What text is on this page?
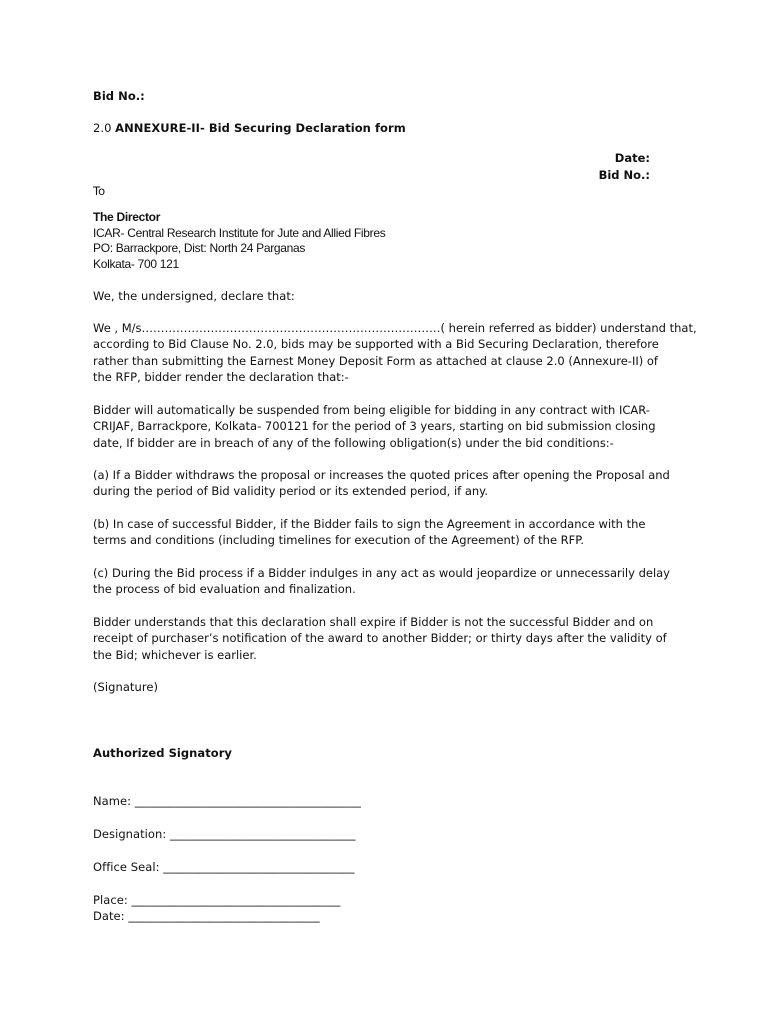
Bid No.:
2.0 ANNEXURE-II- Bid Securing Declaration form
Date:
Bid No.:
To
The Director
ICAR- Central Research Institute for Jute and Allied Fibres
PO: Barrackpore, Dist: North 24 Parganas
Kolkata- 700 121
We, the undersigned, declare that:
We , M/s……………………………………………………………………( herein referred as bidder) understand that,
according to Bid Clause No. 2.0, bids may be supported with a Bid Securing Declaration, therefore
rather than submitting the Earnest Money Deposit Form as attached at clause 2.0 (Annexure-II) of
the RFP, bidder render the declaration that:-
Bidder will automatically be suspended from being eligible for bidding in any contract with ICAR-
CRIJAF, Barrackpore, Kolkata- 700121 for the period of 3 years, starting on bid submission closing
date, If bidder are in breach of any of the following obligation(s) under the bid conditions:-
(a) If a Bidder withdraws the proposal or increases the quoted prices after opening the Proposal and
during the period of Bid validity period or its extended period, if any.
(b) In case of successful Bidder, if the Bidder fails to sign the Agreement in accordance with the
terms and conditions (including timelines for execution of the Agreement) of the RFP.
(c) During the Bid process if a Bidder indulges in any act as would jeopardize or unnecessarily delay
the process of bid evaluation and finalization.
Bidder understands that this declaration shall expire if Bidder is not the successful Bidder and on
receipt of purchaser’s notification of the award to another Bidder; or thirty days after the validity of
the Bid; whichever is earlier.
(Signature)
Authorized Signatory
Name: _______________________________________
Designation: ________________________________
Office Seal: _________________________________
Place: ____________________________________
Date: _________________________________
